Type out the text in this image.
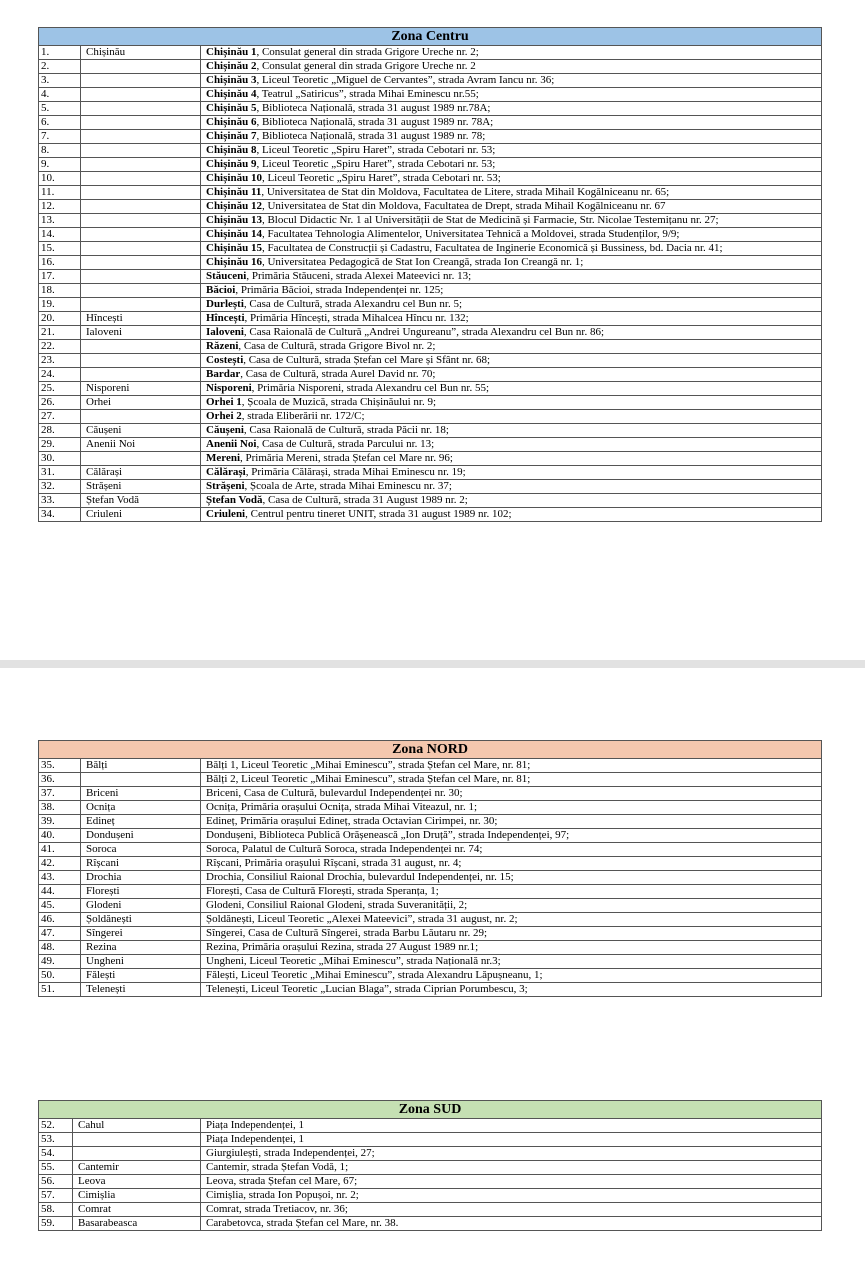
Zona Centru		
1.	Chișinău	Chișinău 1, Consulat general din strada Grigore Ureche nr. 2;
2.		Chișinău 2, Consulat general din strada Grigore Ureche nr. 2
3.		Chișinău 3, Liceul Teoretic „Miguel de Cervantes”, strada Avram Iancu nr. 36;
4.		Chișinău 4, Teatrul „Satiricus”, strada Mihai Eminescu nr.55;
5.		Chișinău 5, Biblioteca Națională, strada 31 august 1989 nr.78A;
6.		Chișinău 6, Biblioteca Națională, strada 31 august 1989 nr. 78A;
7.		Chișinău 7, Biblioteca Națională, strada 31 august 1989 nr. 78;
8.		Chișinău 8, Liceul Teoretic „Spiru Haret”, strada Cebotari nr. 53;
9.		Chișinău 9, Liceul Teoretic „Spiru Haret”, strada Cebotari nr. 53;
10.		Chișinău 10, Liceul Teoretic „Spiru Haret”, strada Cebotari nr. 53;
11.		Chișinău 11, Universitatea de Stat din Moldova, Facultatea de Litere, strada Mihail Kogălniceanu nr. 65;
12.		Chișinău 12, Universitatea de Stat din Moldova, Facultatea de Drept, strada Mihail Kogălniceanu nr. 67
13.		Chișinău 13, Blocul Didactic Nr. 1 al Universității de Stat de Medicină și Farmacie, Str. Nicolae Testemițanu nr. 27;
14.		Chișinău 14, Facultatea Tehnologia Alimentelor, Universitatea Tehnică a Moldovei, strada Studenților, 9/9;
15.		Chișinău 15, Facultatea de Construcții și Cadastru, Facultatea de Inginerie Economică și Bussiness, bd. Dacia nr. 41;
16.		Chișinău 16, Universitatea Pedagogică de Stat Ion Creangă, strada Ion Creangă nr. 1;
17.		Stăuceni, Primăria Stăuceni, strada Alexei Mateevici nr. 13;
18.		Băcioi, Primăria Băcioi, strada Independenței nr. 125;
19.		Durlești, Casa de Cultură, strada Alexandru cel Bun nr. 5;
20.	Hîncești	Hîncești, Primăria Hîncești, strada Mihalcea Hîncu nr. 132;
21.	Ialoveni	Ialoveni, Casa Raională de Cultură „Andrei Ungureanu”, strada Alexandru cel Bun nr. 86;
22.		Răzeni, Casa de Cultură, strada Grigore Bivol nr. 2;
23.		Costești, Casa de Cultură, strada Ștefan cel Mare și Sfânt nr. 68;
24.		Bardar, Casa de Cultură, strada Aurel David nr. 70;
25.	Nisporeni	Nisporeni, Primăria Nisporeni, strada Alexandru cel Bun nr. 55;
26.	Orhei	Orhei 1, Școala de Muzică, strada Chișinăului nr. 9;
27.		Orhei 2, strada Eliberării nr. 172/C;
28.	Căușeni	Căușeni, Casa Raională de Cultură, strada Păcii nr. 18;
29.	Anenii Noi	Anenii Noi, Casa de Cultură, strada Parcului nr. 13;
30.		Mereni, Primăria Mereni, strada Ștefan cel Mare nr. 96;
31.	Călărași	Călărași, Primăria Călărași, strada Mihai Eminescu nr. 19;
32.	Strășeni	Strășeni, Școala de Arte, strada Mihai Eminescu nr. 37;
33.	Ștefan Vodă	Ștefan Vodă, Casa de Cultură, strada 31 August 1989 nr. 2;
34.	Criuleni	Criuleni, Centrul pentru tineret UNIT, strada 31 august 1989 nr. 102;
Zona NORD		
35.	Bălți	Bălți 1, Liceul Teoretic „Mihai Eminescu”, strada Ștefan cel Mare, nr. 81;
36.		Bălți 2, Liceul Teoretic „Mihai Eminescu”, strada Ștefan cel Mare, nr. 81;
37.	Briceni	Briceni, Casa de Cultură, bulevardul Independenței nr. 30;
38.	Ocnița	Ocnița, Primăria orașului Ocnița, strada Mihai Viteazul, nr. 1;
39.	Edineț	Edineț, Primăria orașului Edineț, strada Octavian Cirimpei, nr. 30;
40.	Dondușeni	Dondușeni, Biblioteca Publică Orășenească „Ion Druță”, strada Independenței, 97;
41.	Soroca	Soroca, Palatul de Cultură Soroca, strada Independenței nr. 74;
42.	Rîșcani	Rîșcani, Primăria orașului Rîșcani, strada 31 august, nr. 4;
43.	Drochia	Drochia, Consiliul Raional Drochia, bulevardul Independenței, nr. 15;
44.	Florești	Florești, Casa de Cultură Florești, strada Speranța, 1;
45.	Glodeni	Glodeni, Consiliul Raional Glodeni, strada Suveranității, 2;
46.	Șoldănești	Șoldănești, Liceul Teoretic „Alexei Mateevici”, strada 31 august, nr. 2;
47.	Sîngerei	Sîngerei, Casa de Cultură Sîngerei, strada Barbu Lăutaru nr. 29;
48.	Rezina	Rezina, Primăria orașului Rezina, strada 27 August 1989 nr.1;
49.	Ungheni	Ungheni, Liceul Teoretic „Mihai Eminescu”, strada Națională nr.3;
50.	Fălești	Fălești, Liceul Teoretic „Mihai Eminescu”, strada Alexandru Lăpușneanu, 1;
51.	Telenești	Telenești, Liceul Teoretic „Lucian Blaga”, strada Ciprian Porumbescu, 3;
Zona SUD		
52.	Cahul	Piața Independenței, 1
53.		Piața Independenței, 1
54.		Giurgiulești, strada Independenței, 27;
55.	Cantemir	Cantemir, strada Ștefan Vodă, 1;
56.	Leova	Leova, strada Ștefan cel Mare, 67;
57.	Cimișlia	Cimișlia, strada Ion Popușoi, nr. 2;
58.	Comrat	Comrat, strada Tretiacov, nr. 36;
59.	Basarabeasca	Carabetovca, strada Ștefan cel Mare, nr. 38.
